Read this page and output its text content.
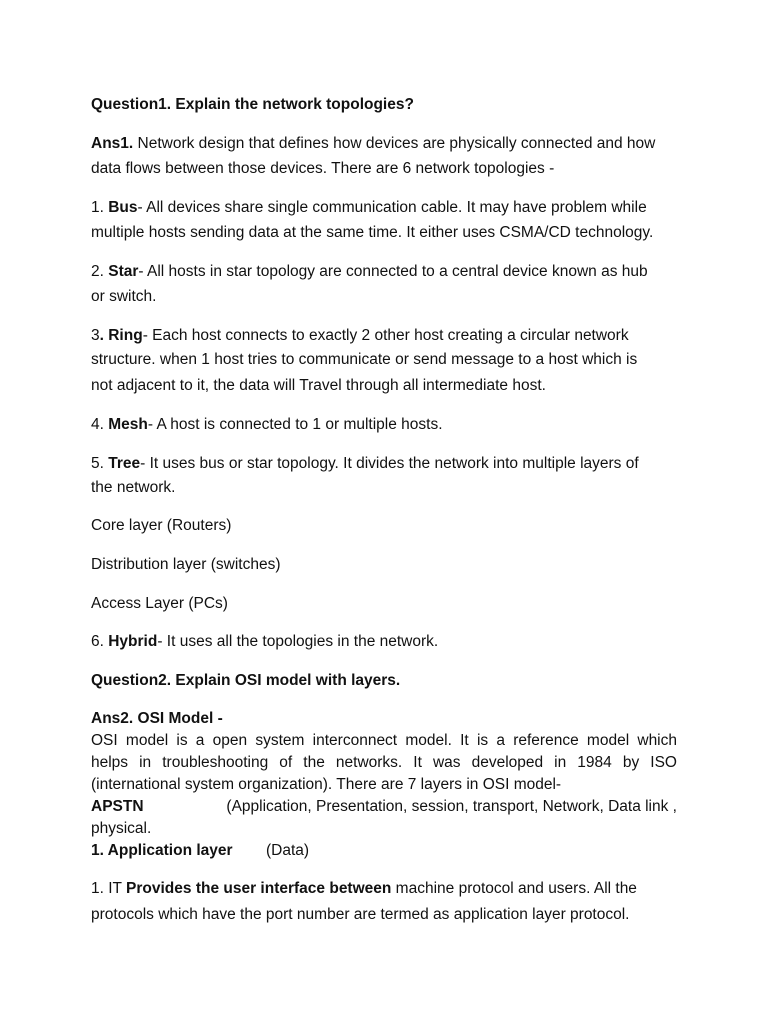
Question1. Explain the network topologies?
Ans1. Network design that defines how devices are physically connected and how
data flows between those devices. There are 6 network topologies -
1. Bus- All devices share single communication cable. It may have problem while
multiple hosts sending data at the same time. It either uses CSMA/CD technology.
2. Star- All hosts in star topology are connected to a central device known as hub
or switch.
3. Ring- Each host connects to exactly 2 other host creating a circular network
structure. when 1 host tries to communicate or send message to a host which is
not adjacent to it, the data will Travel through all intermediate host.
4. Mesh- A host is connected to 1 or multiple hosts.
5. Tree- It uses bus or star topology. It divides the network into multiple layers of
the network.
Core layer (Routers)
Distribution layer (switches)
Access Layer (PCs)
6. Hybrid- It uses all the topologies in the network.
Question2. Explain OSI model with layers.
Ans2. OSI Model -
OSI model is a open system interconnect model. It is a reference model which
helps in troubleshooting of the networks. It was developed in 1984 by ISO
(international system organization). There are 7 layers in OSI model-
APSTN	(Application, Presentation, session, transport, Network, Data link ,
physical.
1. Application layer (Data)
1. IT Provides the user interface between machine protocol and users. All the
protocols which have the port number are termed as application layer protocol.
